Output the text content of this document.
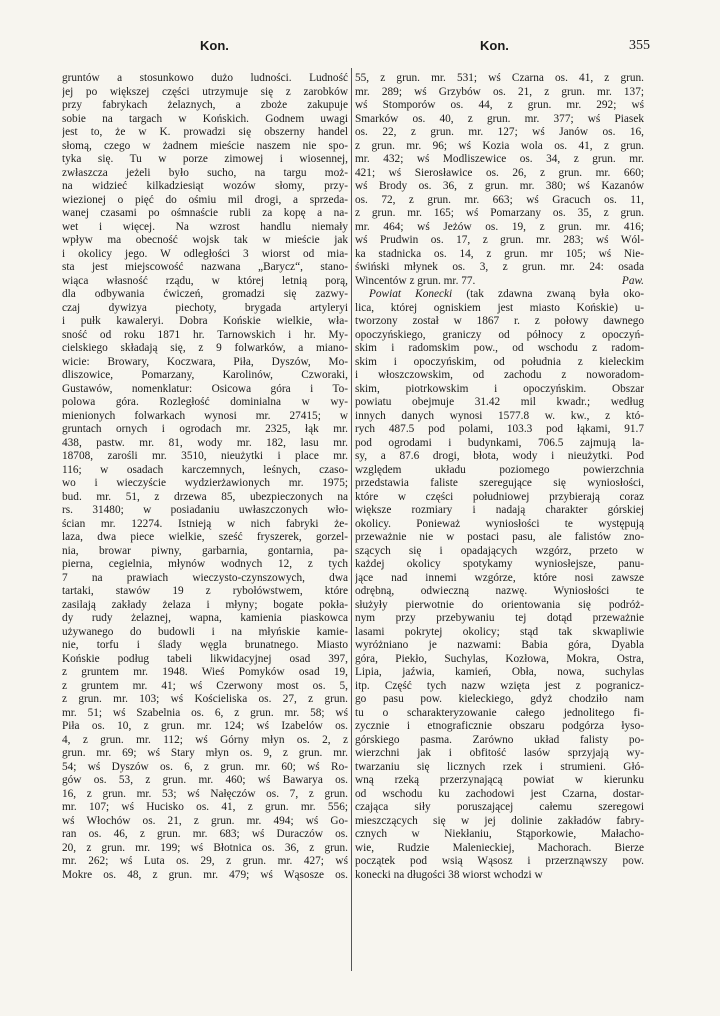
Kon.	Kon.	355
gruntów a stosunkowo dużo ludności. Ludność
jej po większej części utrzymuje się z zarobków
przy fabrykach żelaznych, a zboże zakupuje
sobie na targach w Końskich. Godnem uwagi
jest to, że w K. prowadzi się obszerny handel
słomą, czego w żadnem mieście naszem nie spo-
tyka się. Tu w porze zimowej i wiosennej,
zwłaszcza jeżeli było sucho, na targu moż-
na widzieć kilkadziesiąt wozów słomy, przy-
wiezionej o pięć do ośmiu mil drogi, a sprzeda-
wanej czasami po ośmnaście rubli za kopę a na-
wet i więcej. Na wzrost handlu niemały
wpływ ma obecność wojsk tak w mieście jak
i okolicy jego. W odległości 3 wiorst od mia-
sta jest miejscowość nazwana „Barycz“, stano-
wiąca własność rządu, w której letnią porą,
dla odbywania ćwiczeń, gromadzi się zazwy-
czaj dywizya piechoty, brygada artyleryi
i pułk kawaleryi. Dobra Końskie wielkie, wła-
sność od roku 1871 hr. Tarnowskich i hr. My-
cielskiego składają się, z 9 folwarków, a miano-
wicie: Browary, Koczwara, Piła, Dyszów, Mo-
dliszowice, Pomarzany, Karolinów, Czworaki,
Gustawów, nomenklatur: Osicowa góra i To-
polowa góra. Rozległość dominialna w wy-
mienionych folwarkach wynosi mr. 27415; w
gruntach ornych i ogrodach mr. 2325, łąk mr.
438, pastw. mr. 81, wody mr. 182, lasu mr.
18708, zarośli mr. 3510, nieużytki i place mr.
116; w osadach karczemnych, leśnych, czaso-
wo i wieczyście wydzierżawionych mr. 1975;
bud. mr. 51, z drzewa 85, ubezpieczonych na
rs. 31480; w posiadaniu uwłaszczonych wło-
ścian mr. 12274. Istnieją w nich fabryki że-
laza, dwa piece wielkie, sześć fryszerek, gorzel-
nia, browar piwny, garbarnia, gontarnia, pa-
pierna, cegielnia, młynów wodnych 12, z tych
7 na prawiach wieczysto-czynszowych, dwa
tartaki, stawów 19 z rybołówstwem, które
zasilają zakłady żelaza i młyny; bogate pokła-
dy rudy żelaznej, wapna, kamienia piaskowca
używanego do budowli i na młyńskie kamie-
nie, torfu i ślady węgla brunatnego. Miasto
Końskie podług tabeli likwidacyjnej osad 397,
z gruntem mr. 1948. Wieś Pomyków osad 19,
z gruntem mr. 41; wś Czerwony most os. 5,
z grun. mr. 103; wś Kościeliska os. 27, z grun.
mr. 51; wś Szabelnia os. 6, z grun. mr. 58; wś
Piła os. 10, z grun. mr. 124; wś Izabelów os.
4, z grun. mr. 112; wś Górny młyn os. 2, z
grun. mr. 69; wś Stary młyn os. 9, z grun. mr.
54; wś Dyszów os. 6, z grun. mr. 60; wś Ro-
gów os. 53, z grun. mr. 460; wś Bawarya os.
16, z grun. mr. 53; wś Nałęczów os. 7, z grun.
mr. 107; wś Hucisko os. 41, z grun. mr. 556;
wś Włochów os. 21, z grun. mr. 494; wś Go-
ran os. 46, z grun. mr. 683; wś Duraczów os.
20, z grun. mr. 199; wś Błotnica os. 36, z grun.
mr. 262; wś Luta os. 29, z grun. mr. 427; wś
Mokre os. 48, z grun. mr. 479; wś Wąsosze os.
55, z grun. mr. 531; wś Czarna os. 41, z grun.
mr. 289; wś Grzybów os. 21, z grun. mr. 137;
wś Stomporów os. 44, z grun. mr. 292; wś
Smarków os. 40, z grun. mr. 377; wś Piasek
os. 22, z grun. mr. 127; wś Janów os. 16,
z grun. mr. 96; wś Kozia wola os. 41, z grun.
mr. 432; wś Modliszewice os. 34, z grun. mr.
421; wś Sierosławice os. 26, z grun. mr. 660;
wś Brody os. 36, z grun. mr. 380; wś Kazanów
os. 72, z grun. mr. 663; wś Gracuch os. 11,
z grun. mr. 165; wś Pomarzany os. 35, z grun.
mr. 464; wś Jeżów os. 19, z grun. mr. 416;
wś Prudwin os. 17, z grun. mr. 283; wś Wól-
ka stadnicka os. 14, z grun. mr 105; wś Nie-
świński młynek os. 3, z grun. mr. 24: osada
Wincentów z grun. mr. 77.	Paw.
Powiat Konecki (tak zdawna zwaną była oko-
lica, której ogniskiem jest miasto Końskie) u-
tworzony został w 1867 r. z połowy dawnego
opoczyńskiego, graniczy od północy z opoczyń-
skim i radomskim pow., od wschodu z radom-
skim i opoczyńskim, od południa z kieleckim
i włoszczowskim, od zachodu z noworadom-
skim, piotrkowskim i opoczyńskim. Obszar
powiatu obejmuje 31.42 mil kwadr.; według
innych danych wynosi 1577.8 w. kw., z któ-
rych 487.5 pod polami, 103.3 pod łąkami, 91.7
pod ogrodami i budynkami, 706.5 zajmują la-
sy, a 87.6 drogi, błota, wody i nieużytki. Pod
względem układu poziomego powierzchnia
przedstawia faliste szeregujące się wyniosłości,
które w części południowej przybierają coraz
większe rozmiary i nadają charakter górskiej
okolicy. Ponieważ wyniosłości te występują
przeważnie nie w postaci pasu, ale falistów zno-
szących się i opadających wzgórz, przeto w
każdej okolicy spotykamy wyniosłejsze, panu-
jące nad innemi wzgórze, które nosi zawsze
odrębną, odwieczną nazwę. Wyniosłości te
służyły pierwotnie do orientowania się podróż-
nym przy przebywaniu tej dotąd przeważnie
lasami pokrytej okolicy; stąd tak skwapliwie
wyróżniano je nazwami: Babia góra, Dyabla
góra, Piekło, Suchylas, Kozłowa, Mokra, Ostra,
Lipia, jaźwia, kamień, Obła, nowa, suchylas
itp. Część tych nazw wzięta jest z pogranicz-
go pasu pow. kieleckiego, gdyż chodziło nam
tu o scharakteryzowanie całego jednolitego fi-
zycznie i etnograficznie obszaru podgórza łyso-
górskiego pasma. Zarówno układ falisty po-
wierzchni jak i obfitość lasów sprzyjają wy-
twarzaniu się licznych rzek i strumieni. Głó-
wną rzeką przerzynającą powiat w kierunku
od wschodu ku zachodowi jest Czarna, dostar-
czająca siły poruszającej całemu szeregowi
mieszczących się w jej dolinie zakładów fabry-
cznych w Niekłaniu, Stąporkowie, Małacho-
wie, Rudzie Malenieckiej, Machorach. Bierze
początek pod wsią Wąsosz i przerznąwszy pow.
konecki na długości 38 wiorst wchodzi w
